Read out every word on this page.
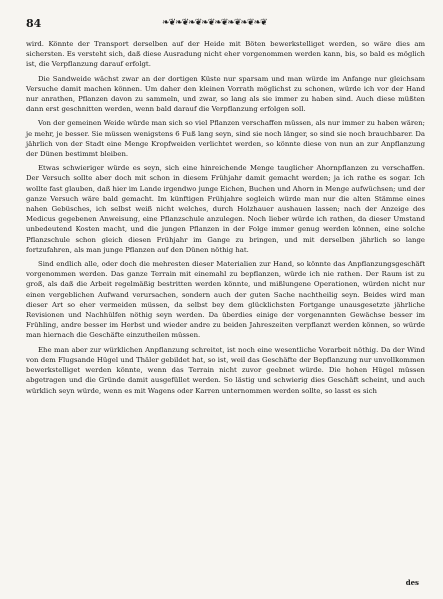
84	❧❦❧❦❧❦❧❦❧❦❧❦❧❦❧❦

wird. Könnte der Transport derselben auf der Heide mit Böten bewerkstelliget werden, so wäre dies am sichersten. Es versteht sich, daß diese Ausradung nicht eher vorgenommen werden kann, bis, so bald es möglich ist, die Verpflanzung darauf erfolgt.

Die Sandweide wächst zwar an der dortigen Küste nur sparsam und man würde im Anfange nur gleichsam Versuche damit machen können. Um daher den kleinen Vorrath möglichst zu schonen, würde ich vor der Hand nur anrathen, Pflanzen davon zu sammeln, und zwar, so lang als sie immer zu haben sind. Auch diese müßten dann erst geschnitten werden, wenn bald darauf die Verpflanzung erfolgen soll.

Von der gemeinen Weide würde man sich so viel Pflanzen verschaffen müssen, als nur immer zu haben wären; je mehr, je besser. Sie müssen wenigstens 6 Fuß lang seyn, sind sie noch länger, so sind sie noch brauchbarer. Da jährlich von der Stadt eine Menge Kropfweiden verlichtet werden, so könnte diese von nun an zur Anpflanzung der Dünen bestimmt bleiben.

Etwas schwieriger würde es seyn, sich eine hinreichende Menge tauglicher Ahornpflanzen zu verschaffen. Der Versuch sollte aber doch mit schon in diesem Frühjahr damit gemacht werden; ja ich rathe es sogar. Ich wollte fast glauben, daß hier im Lande irgendwo junge Eichen, Buchen und Ahorn in Menge aufwüchsen; und der ganze Versuch wäre bald gemacht. Im künftigen Frühjahre sogleich würde man nur die alten Stämme eines nahen Gebüsches, ich selbst weiß nicht welches, durch Holzhauer aushauen lassen; nach der Anzeige des Medicus gegebenen Anweisung, eine Pflanzschule anzulegen. Noch lieber würde ich rathen, da dieser Umstand unbedeutend Kosten macht, und die jungen Pflanzen in der Folge immer genug werden können, eine solche Pflanzschule schon gleich diesen Frühjahr im Gange zu bringen, und mit derselben jährlich so lange fortzufahren, als man junge Pflanzen auf den Dünen nöthig hat.

Sind endlich alle, oder doch die mehresten dieser Materialien zur Hand, so könnte das Anpflanzungsgeschäft vorgenommen werden. Das ganze Terrain mit einemahl zu bepflanzen, würde ich nie rathen. Der Raum ist zu groß, als daß die Arbeit regelmäßig bestritten werden könnte, und mißlungene Operationen, würden nicht nur einen vergeblichen Aufwand verursachen, sondern auch der guten Sache nachtheilig seyn. Beides wird man dieser Art so eher vermeiden müssen, da selbst bey dem glücklichsten Fortgange unausgesetzte jährliche Revisionen und Nachhülfen nöthig seyn werden. Da überdies einige der vorgenannten Gewächse besser im Frühling, andre besser im Herbst und wieder andre zu beiden Jahreszeiten verpflanzt werden können, so würde man hiernach die Geschäfte einzutheilen müssen.

Ehe man aber zur würklichen Anpflanzung schreitet, ist noch eine wesentliche Vorarbeit nöthig. Da der Wind von dem Flugsande Hügel und Thäler gebildet hat, so ist, weil das Geschäfte der Bepflanzung nur unvollkommen bewerkstelliget werden könnte, wenn das Terrain nicht zuvor geebnet würde. Die hohen Hügel müssen abgetragen und die Gründe damit ausgefüllet werden. So lästig und schwierig dies Geschäft scheint, und auch würklich seyn würde, wenn es mit Wagens oder Karren unternommen werden sollte, so lasst es sich

des
